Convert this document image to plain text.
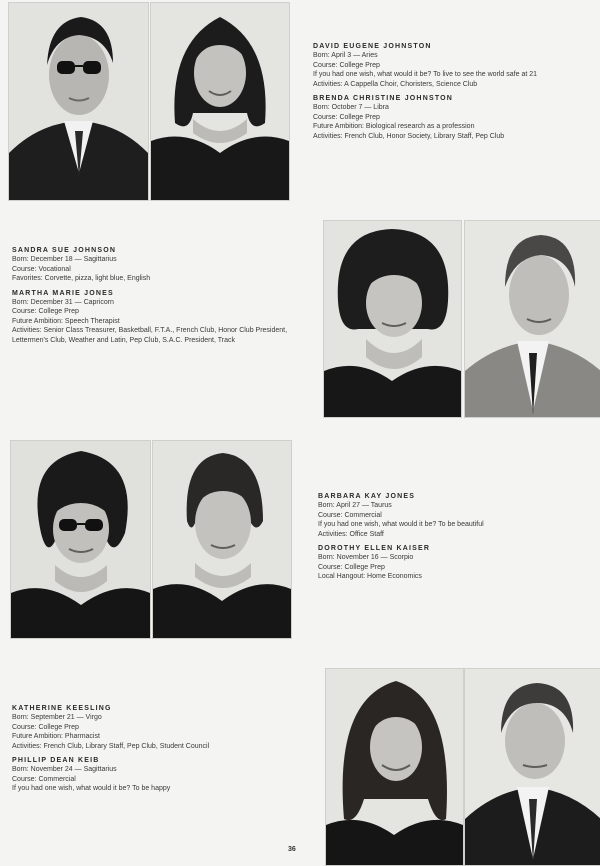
DAVID EUGENE JOHNSTON
Born: April 3 — Aries
Course: College Prep
If you had one wish, what would it be? To live to see the world safe at 21
Activities: A Cappella Choir, Choristers, Science Club
BRENDA CHRISTINE JOHNSTON
Born: October 7 — Libra
Course: College Prep
Future Ambition: Biological research as a profession
Activities: French Club, Honor Society, Library Staff, Pep Club
SANDRA SUE JOHNSON
Born: December 18 — Sagittarius
Course: Vocational
Favorites: Corvette, pizza, light blue, English
MARTHA MARIE JONES
Born: December 31 — Capricorn
Course: College Prep
Future Ambition: Speech Therapist
Activities: Senior Class Treasurer, Basketball, F.T.A., French Club, Honor Club President, Lettermen's Club, Weather and Latin, Pep Club, S.A.C. President, Track
BARBARA KAY JONES
Born: April 27 — Taurus
Course: Commercial
If you had one wish, what would it be? To be beautiful
Activities: Office Staff
DOROTHY ELLEN KAISER
Born: November 16 — Scorpio
Course: College Prep
Local Hangout: Home Economics
KATHERINE KEESLING
Born: September 21 — Virgo
Course: College Prep
Future Ambition: Pharmacist
Activities: French Club, Library Staff, Pep Club, Student Council
PHILLIP DEAN KEIB
Born: November 24 — Sagittarius
Course: Commercial
If you had one wish, what would it be? To be happy
36
